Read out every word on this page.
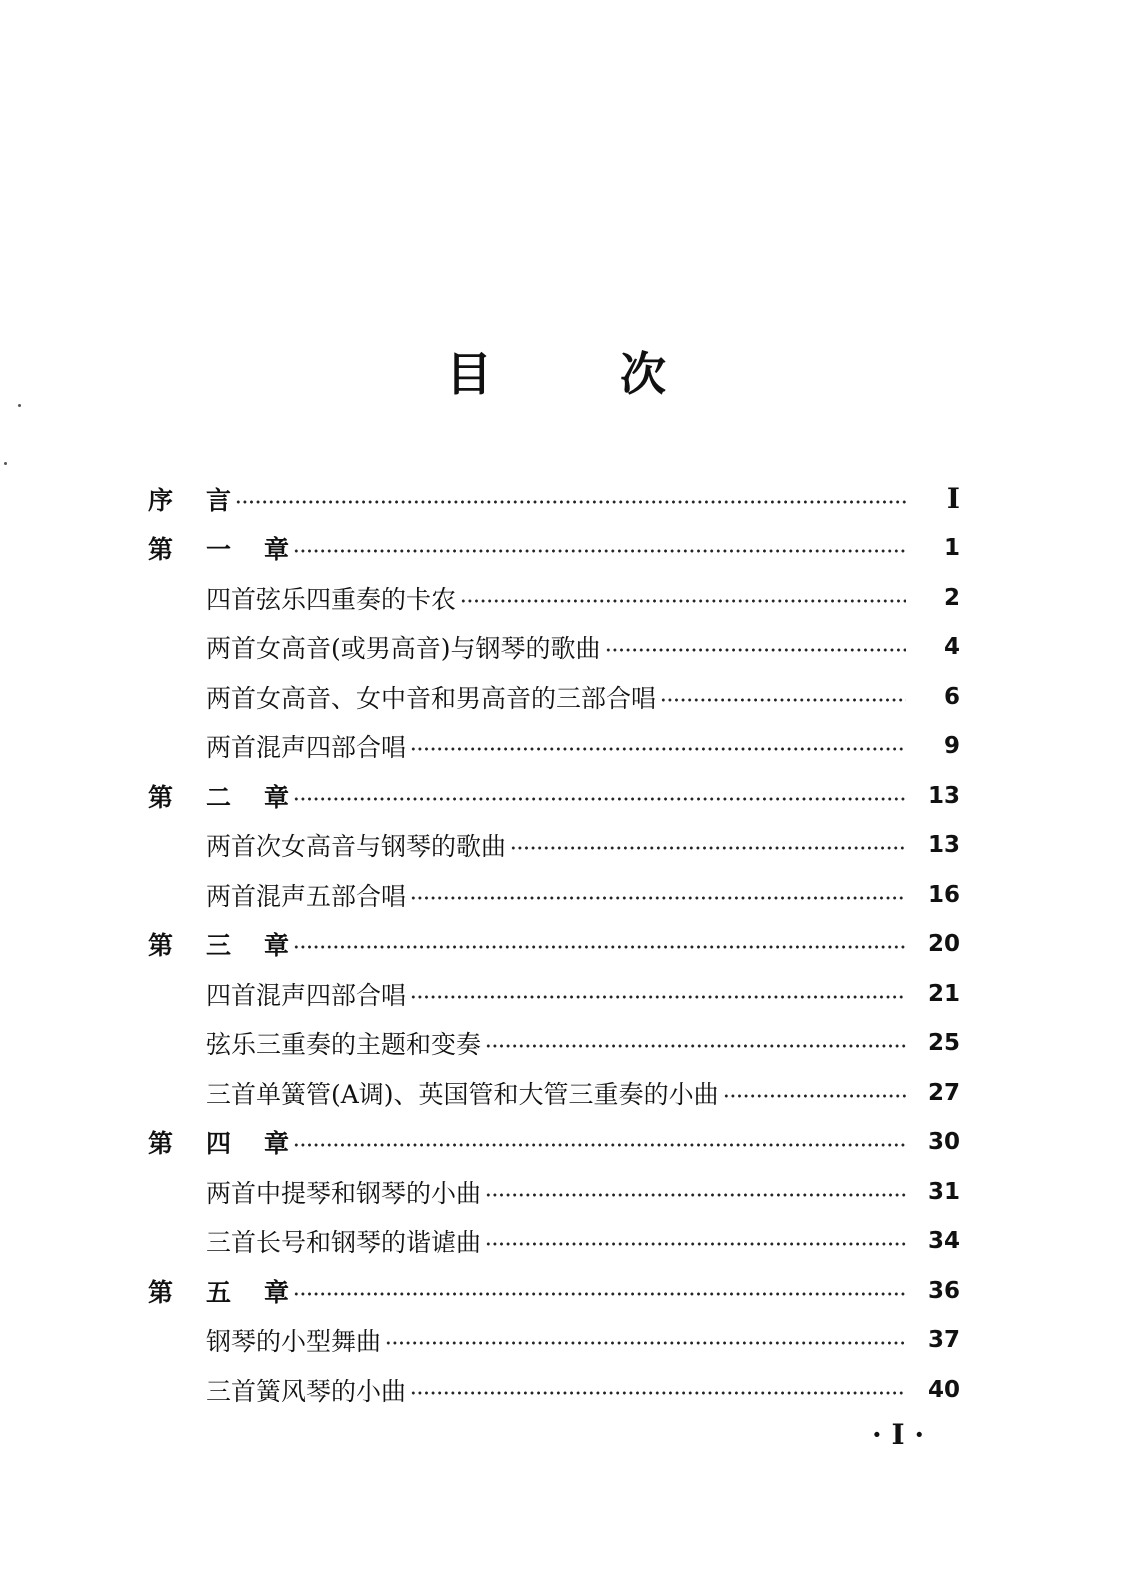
目	次
序 言	I
第 一 章	1
四首弦乐四重奏的卡农	2
两首女高音(或男高音)与钢琴的歌曲	4
两首女高音、女中音和男高音的三部合唱	6
两首混声四部合唱	9
第 二 章	13
两首次女高音与钢琴的歌曲	13
两首混声五部合唱	16
第 三 章	20
四首混声四部合唱	21
弦乐三重奏的主题和变奏	25
三首单簧管(A调)、英国管和大管三重奏的小曲	27
第 四 章	30
两首中提琴和钢琴的小曲	31
三首长号和钢琴的谐谑曲	34
第 五 章	36
钢琴的小型舞曲	37
三首簧风琴的小曲	40
· I ·
